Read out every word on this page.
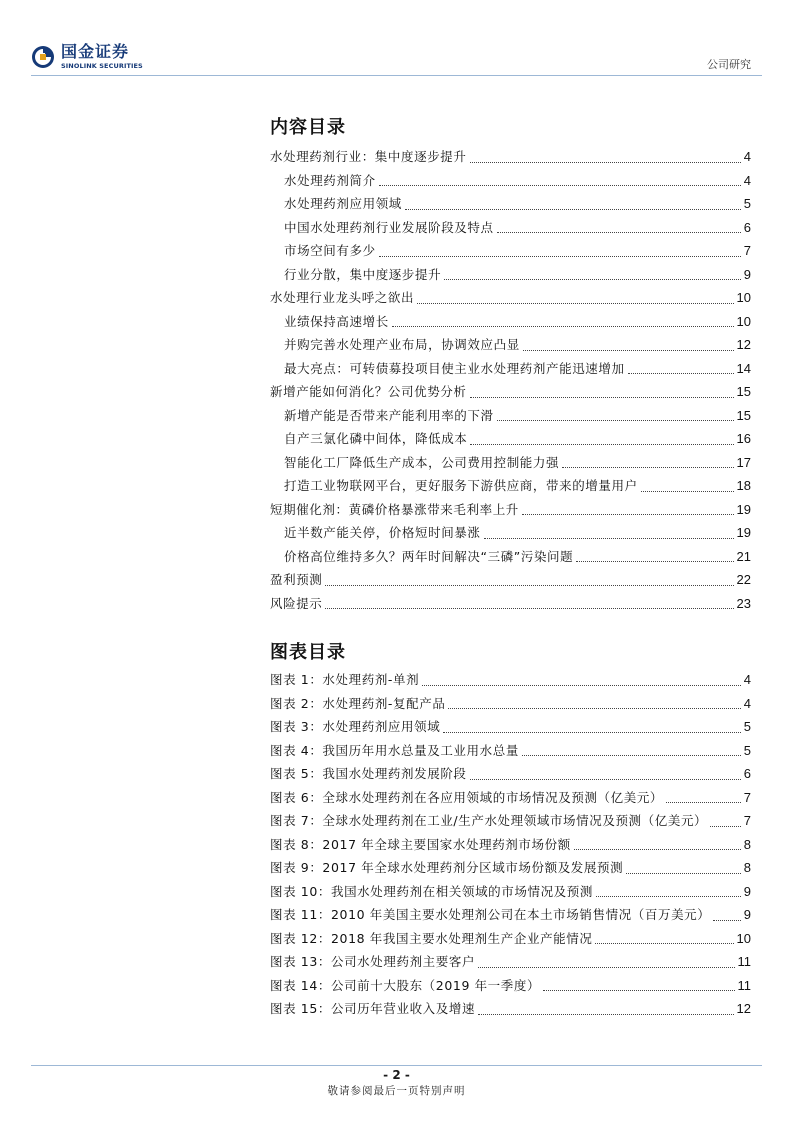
国金证券
SINOLINK SECURITIES	公司研究
内容目录
水处理药剂行业：集中度逐步提升	4
水处理药剂简介	4
水处理药剂应用领域	5
中国水处理药剂行业发展阶段及特点	6
市场空间有多少	7
行业分散，集中度逐步提升	9
水处理行业龙头呼之欲出	10
业绩保持高速增长	10
并购完善水处理产业布局，协调效应凸显	12
最大亮点：可转债募投项目使主业水处理药剂产能迅速增加	14
新增产能如何消化？公司优势分析	15
新增产能是否带来产能利用率的下滑	15
自产三氯化磷中间体，降低成本	16
智能化工厂降低生产成本，公司费用控制能力强	17
打造工业物联网平台，更好服务下游供应商，带来的增量用户	18
短期催化剂：黄磷价格暴涨带来毛利率上升	19
近半数产能关停，价格短时间暴涨	19
价格高位维持多久？两年时间解决“三磷”污染问题	21
盈利预测	22
风险提示	23
图表目录
图表 1：水处理药剂-单剂	4
图表 2：水处理药剂-复配产品	4
图表 3：水处理药剂应用领域	5
图表 4：我国历年用水总量及工业用水总量	5
图表 5：我国水处理药剂发展阶段	6
图表 6：全球水处理药剂在各应用领域的市场情况及预测（亿美元）	7
图表 7：全球水处理药剂在工业/生产水处理领域市场情况及预测（亿美元）	7
图表 8：2017 年全球主要国家水处理药剂市场份额	8
图表 9：2017 年全球水处理药剂分区域市场份额及发展预测	8
图表 10：我国水处理药剂在相关领域的市场情况及预测	9
图表 11：2010 年美国主要水处理剂公司在本土市场销售情况（百万美元）	9
图表 12：2018 年我国主要水处理剂生产企业产能情况	10
图表 13：公司水处理药剂主要客户	11
图表 14：公司前十大股东（2019 年一季度）	11
图表 15：公司历年营业收入及增速	12
- 2 -
敬请参阅最后一页特别声明
